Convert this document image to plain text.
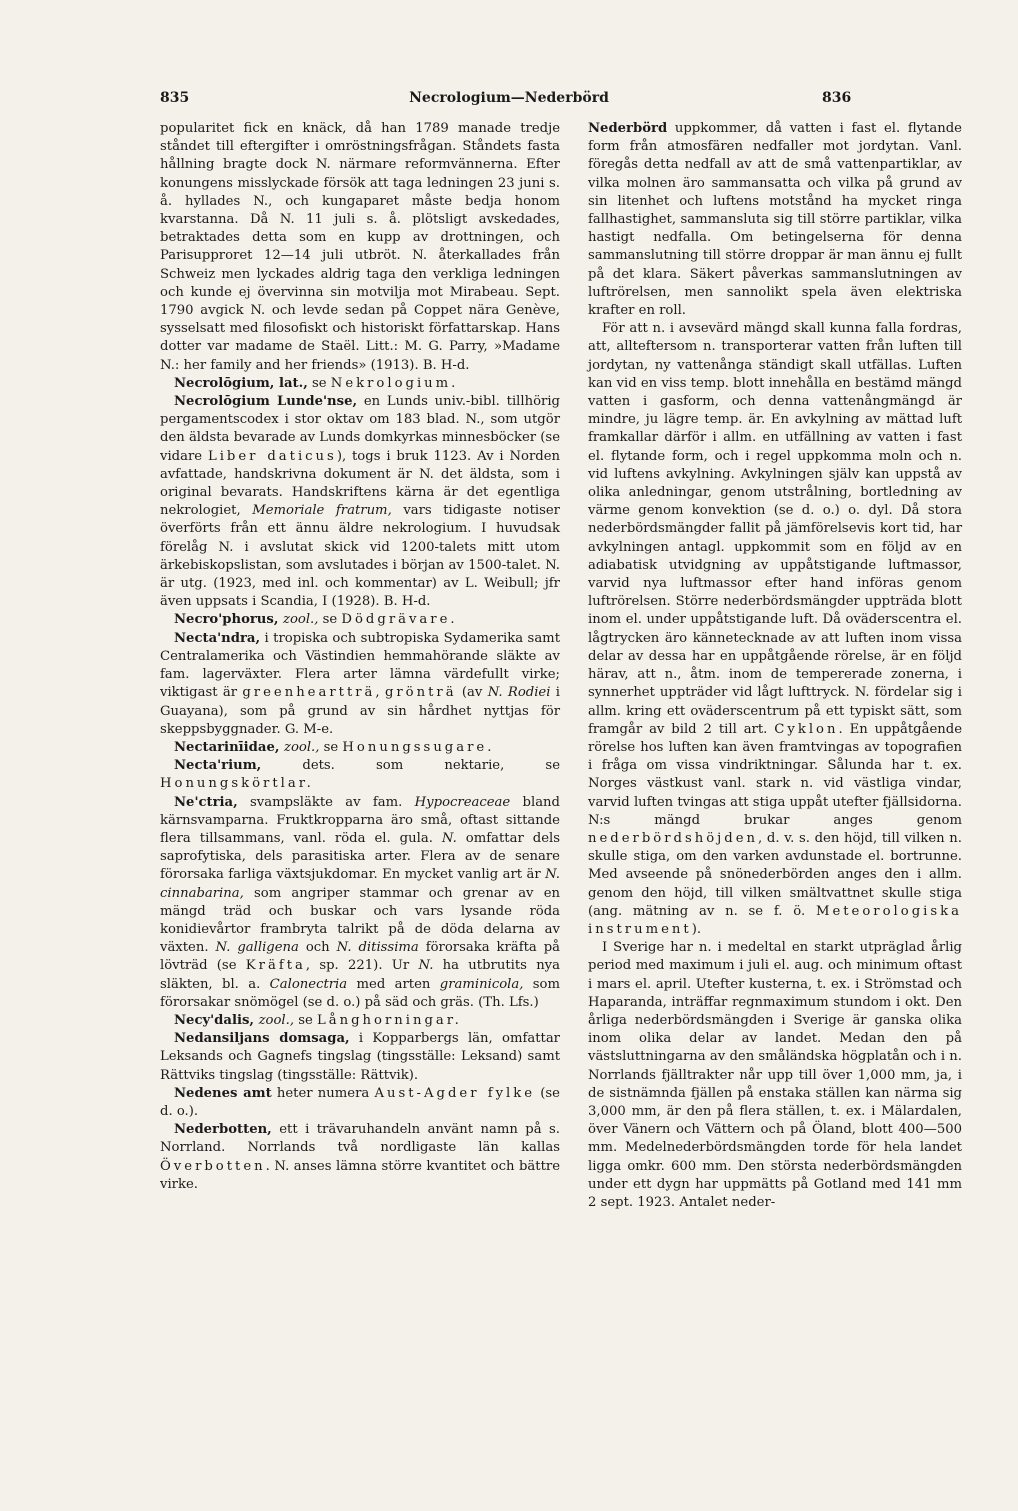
835	Necrologium—Nederbörd	836

popularitet fick en knäck, då han 1789 manade tredje ståndet till eftergifter i omröstningsfrågan. Ståndets fasta hållning bragte dock N. närmare reformvännerna. Efter konungens misslyckade försök att taga ledningen 23 juni s. å. hyllades N., och kungaparet måste bedja honom kvarstanna. Då N. 11 juli s. å. plötsligt avskedades, betraktades detta som en kupp av drottningen, och Parisupproret 12—14 juli utbröt. N. återkallades från Schweiz men lyckades aldrig taga den verkliga ledningen och kunde ej övervinna sin motvilja mot Mirabeau. Sept. 1790 avgick N. och levde sedan på Coppet nära Genève, sysselsatt med filosofiskt och historiskt författarskap. Hans dotter var madame de Staël. Litt.: M. G. Parry, »Madame N.: her family and her friends» (1913). B. H-d.

Necrolōgium, lat., se Nekrologium.

Necrolōgium Lunde'nse, en Lunds univ.-bibl. tillhörig pergamentscodex i stor oktav om 183 blad. N., som utgör den äldsta bevarade av Lunds domkyrkas minnesböcker (se vidare Liber daticus), togs i bruk 1123. Av i Norden avfattade, handskrivna dokument är N. det äldsta, som i original bevarats. Handskriftens kärna är det egentliga nekrologiet, Memoriale fratrum, vars tidigaste notiser överförts från ett ännu äldre nekrologium. I huvudsak förelåg N. i avslutat skick vid 1200-talets mitt utom ärkebiskopslistan, som avslutades i början av 1500-talet. N. är utg. (1923, med inl. och kommentar) av L. Weibull; jfr även uppsats i Scandia, I (1928). B. H-d.

Necro'phorus, zool., se Dödgrävare.

Necta'ndra, i tropiska och subtropiska Sydamerika samt Centralamerika och Västindien hemmahörande släkte av fam. lagerväxter. Flera arter lämna värdefullt virke; viktigast är greenheartträ, grönträ (av N. Rodiei i Guayana), som på grund av sin hårdhet nyttjas för skeppsbyggnader. G. M-e.

Nectarinīidae, zool., se Honungssugare.

Necta'rium, dets. som nektarie, se Honungskörtlar.

Ne'ctria, svampsläkte av fam. Hypocreaceae bland kärnsvamparna. Fruktkropparna äro små, oftast sittande flera tillsammans, vanl. röda el. gula. N. omfattar dels saprofytiska, dels parasitiska arter. Flera av de senare förorsaka farliga växtsjukdomar. En mycket vanlig art är N. cinnabarina, som angriper stammar och grenar av en mängd träd och buskar och vars lysande röda konidievårtor frambryta talrikt på de döda delarna av växten. N. galligena och N. ditissima förorsaka kräfta på lövträd (se Kräfta, sp. 221). Ur N. ha utbrutits nya släkten, bl. a. Calonectria med arten graminicola, som förorsakar snömögel (se d. o.) på säd och gräs. (Th. Lfs.)

Necy'dalis, zool., se Långhorningar.

Nedansiljans domsaga, i Kopparbergs län, omfattar Leksands och Gagnefs tingslag (tingsställe: Leksand) samt Rättviks tingslag (tingsställe: Rättvik).

Nedenes amt heter numera Aust-Agder fylke (se d. o.).

Nederbotten, ett i trävaruhandeln använt namn på s. Norrland. Norrlands två nordligaste län kallas Överbotten. N. anses lämna större kvantitet och bättre virke.

Nederbörd uppkommer, då vatten i fast el. flytande form från atmosfären nedfaller mot jordytan. Vanl. föregås detta nedfall av att de små vattenpartiklar, av vilka molnen äro sammansatta och vilka på grund av sin litenhet och luftens motstånd ha mycket ringa fallhastighet, sammansluta sig till större partiklar, vilka hastigt nedfalla. Om betingelserna för denna sammanslutning till större droppar är man ännu ej fullt på det klara. Säkert påverkas sammanslutningen av luftrörelsen, men sannolikt spela även elektriska krafter en roll.

För att n. i avsevärd mängd skall kunna falla fordras, att, allteftersom n. transporterar vatten från luften till jordytan, ny vattenånga ständigt skall utfällas. Luften kan vid en viss temp. blott innehålla en bestämd mängd vatten i gasform, och denna vattenångmängd är mindre, ju lägre temp. är. En avkylning av mättad luft framkallar därför i allm. en utfällning av vatten i fast el. flytande form, och i regel uppkomma moln och n. vid luftens avkylning. Avkylningen själv kan uppstå av olika anledningar, genom utstrålning, bortledning av värme genom konvektion (se d. o.) o. dyl. Då stora nederbördsmängder fallit på jämförelsevis kort tid, har avkylningen antagl. uppkommit som en följd av en adiabatisk utvidgning av uppåtstigande luftmassor, varvid nya luftmassor efter hand införas genom luftrörelsen. Större nederbördsmängder uppträda blott inom el. under uppåtstigande luft. Då oväderscentra el. lågtrycken äro kännetecknade av att luften inom vissa delar av dessa har en uppåtgående rörelse, är en följd härav, att n., åtm. inom de tempererade zonerna, i synnerhet uppträder vid lågt lufttryck. N. fördelar sig i allm. kring ett oväderscentrum på ett typiskt sätt, som framgår av bild 2 till art. Cyklon. En uppåtgående rörelse hos luften kan även framtvingas av topografien i fråga om vissa vindriktningar. Sålunda har t. ex. Norges västkust vanl. stark n. vid västliga vindar, varvid luften tvingas att stiga uppåt utefter fjällsidorna. N:s mängd brukar anges genom nederbördshöjden, d. v. s. den höjd, till vilken n. skulle stiga, om den varken avdunstade el. bortrunne. Med avseende på snönederbörden anges den i allm. genom den höjd, till vilken smältvattnet skulle stiga (ang. mätning av n. se f. ö. Meteorologiska instrument).

I Sverige har n. i medeltal en starkt utpräglad årlig period med maximum i juli el. aug. och minimum oftast i mars el. april. Utefter kusterna, t. ex. i Strömstad och Haparanda, inträffar regnmaximum stundom i okt. Den årliga nederbördsmängden i Sverige är ganska olika inom olika delar av landet. Medan den på västsluttningarna av den småländska högplatån och i n. Norrlands fjälltrakter når upp till över 1,000 mm, ja, i de sistnämnda fjällen på enstaka ställen kan närma sig 3,000 mm, är den på flera ställen, t. ex. i Mälardalen, över Vänern och Vättern och på Öland, blott 400—500 mm. Medelnederbördsmängden torde för hela landet ligga omkr. 600 mm. Den största nederbördsmängden under ett dygn har uppmätts på Gotland med 141 mm 2 sept. 1923. Antalet neder-
